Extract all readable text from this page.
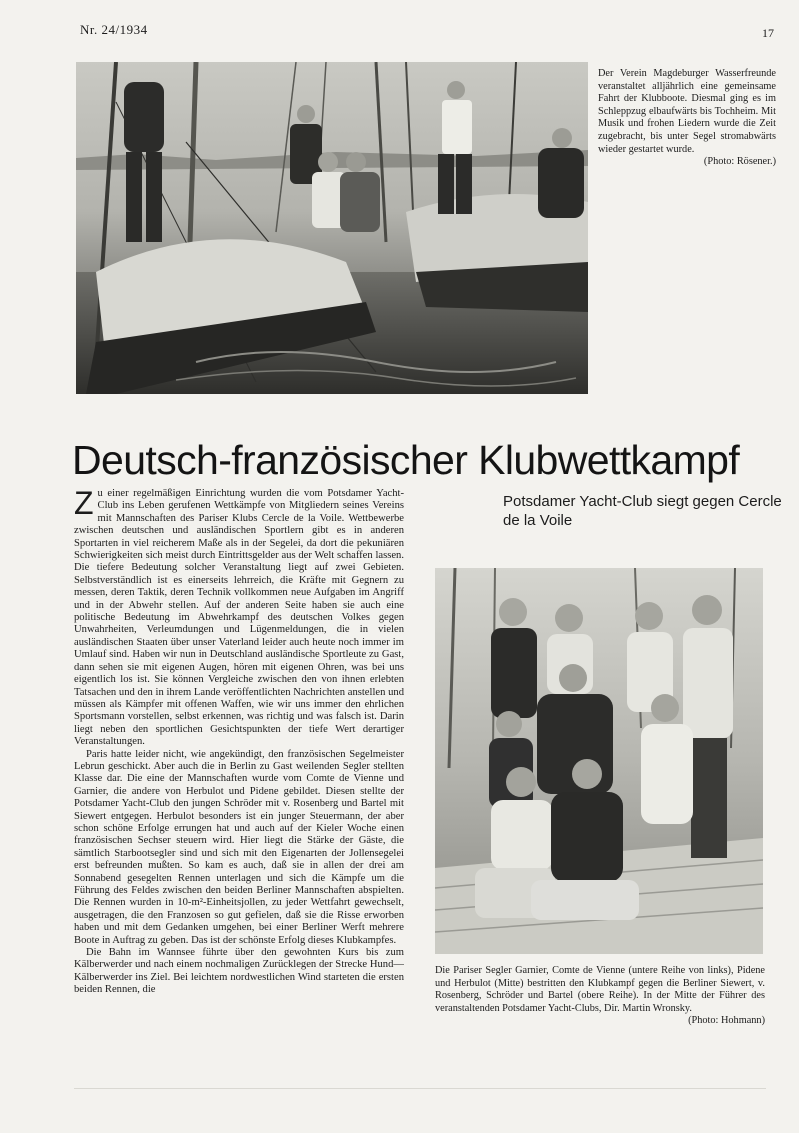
Nr. 24/1934	17
Der Verein Magdeburger Wasserfreunde veranstaltet alljährlich eine gemeinsame Fahrt der Klubboote. Diesmal ging es im Schleppzug elbaufwärts bis Tochheim. Mit Musik und frohen Liedern wurde die Zeit zugebracht, bis unter Segel stromabwärts wieder gestartet wurde.
(Photo: Rösener.)
Deutsch-französischer Klubwettkampf
Potsdamer Yacht-Club siegt gegen Cercle de la Voile

Zu einer regelmäßigen Einrichtung wurden die vom Potsdamer Yacht-Club ins Leben gerufenen Wettkämpfe von Mitgliedern seines Vereins mit Mannschaften des Pariser Klubs Cercle de la Voile. Wettbewerbe zwischen deutschen und ausländischen Sportlern gibt es in anderen Sportarten in viel reicherem Maße als in der Segelei, da dort die pekuniären Schwierigkeiten sich meist durch Eintrittsgelder aus der Welt schaffen lassen. Die tiefere Bedeutung solcher Veranstaltung liegt auf zwei Gebieten. Selbstverständlich ist es einerseits lehrreich, die Kräfte mit Gegnern zu messen, deren Taktik, deren Technik vollkommen neue Aufgaben im Angriff und in der Abwehr stellen. Auf der anderen Seite haben sie auch eine politische Bedeutung im Abwehrkampf des deutschen Volkes gegen Unwahrheiten, Verleumdungen und Lügenmeldungen, die in vielen ausländischen Staaten über unser Vaterland leider auch heute noch immer im Umlauf sind. Haben wir nun in Deutschland ausländische Sportleute zu Gast, dann sehen sie mit eigenen Augen, hören mit eigenen Ohren, was bei uns eigentlich los ist. Sie können Vergleiche zwischen den von ihnen erlebten Tatsachen und den in ihrem Lande veröffentlichten Nachrichten anstellen und müssen als Kämpfer mit offenen Waffen, wie wir uns immer den ehrlichen Sportsmann vorstellen, selbst erkennen, was richtig und was falsch ist. Darin liegt neben den sportlichen Gesichtspunkten der tiefe Wert derartiger Veranstaltungen.

Paris hatte leider nicht, wie angekündigt, den französischen Segelmeister Lebrun geschickt. Aber auch die in Berlin zu Gast weilenden Segler stellten Klasse dar. Die eine der Mannschaften wurde vom Comte de Vienne und Garnier, die andere von Herbulot und Pidene gebildet. Diesen stellte der Potsdamer Yacht-Club den jungen Schröder mit v. Rosenberg und Bartel mit Siewert entgegen. Herbulot besonders ist ein junger Steuermann, der aber schon schöne Erfolge errungen hat und auch auf der Kieler Woche einen französischen Sechser steuern wird. Hier liegt die Stärke der Gäste, die sämtlich Starbootsegler sind und sich mit den Eigenarten der Jollensegelei erst befreunden mußten. So kam es auch, daß sie in allen der drei am Sonnabend gesegelten Rennen unterlagen und sich die Kämpfe um die Führung des Feldes zwischen den beiden Berliner Mannschaften abspielten. Die Rennen wurden in 10-m²-Einheitsjollen, zu jeder Wettfahrt gewechselt, ausgetragen, die den Franzosen so gut gefielen, daß sie die Risse erworben haben und mit dem Gedanken umgehen, bei einer Berliner Werft mehrere Boote in Auftrag zu geben. Das ist der schönste Erfolg dieses Klubkampfes.

Die Bahn im Wannsee führte über den gewohnten Kurs bis zum Kälberwerder und nach einem nochmaligen Zurücklegen der Strecke Hund—Kälberwerder ins Ziel. Bei leichtem nordwestlichen Wind starteten die ersten beiden Rennen, die

Die Pariser Segler Garnier, Comte de Vienne (untere Reihe von links), Pidene und Herbulot (Mitte) bestritten den Klubkampf gegen die Berliner Siewert, v. Rosenberg, Schröder und Bartel (obere Reihe). In der Mitte der Führer des veranstaltenden Potsdamer Yacht-Clubs, Dir. Martin Wronsky.
(Photo: Hohmann)
